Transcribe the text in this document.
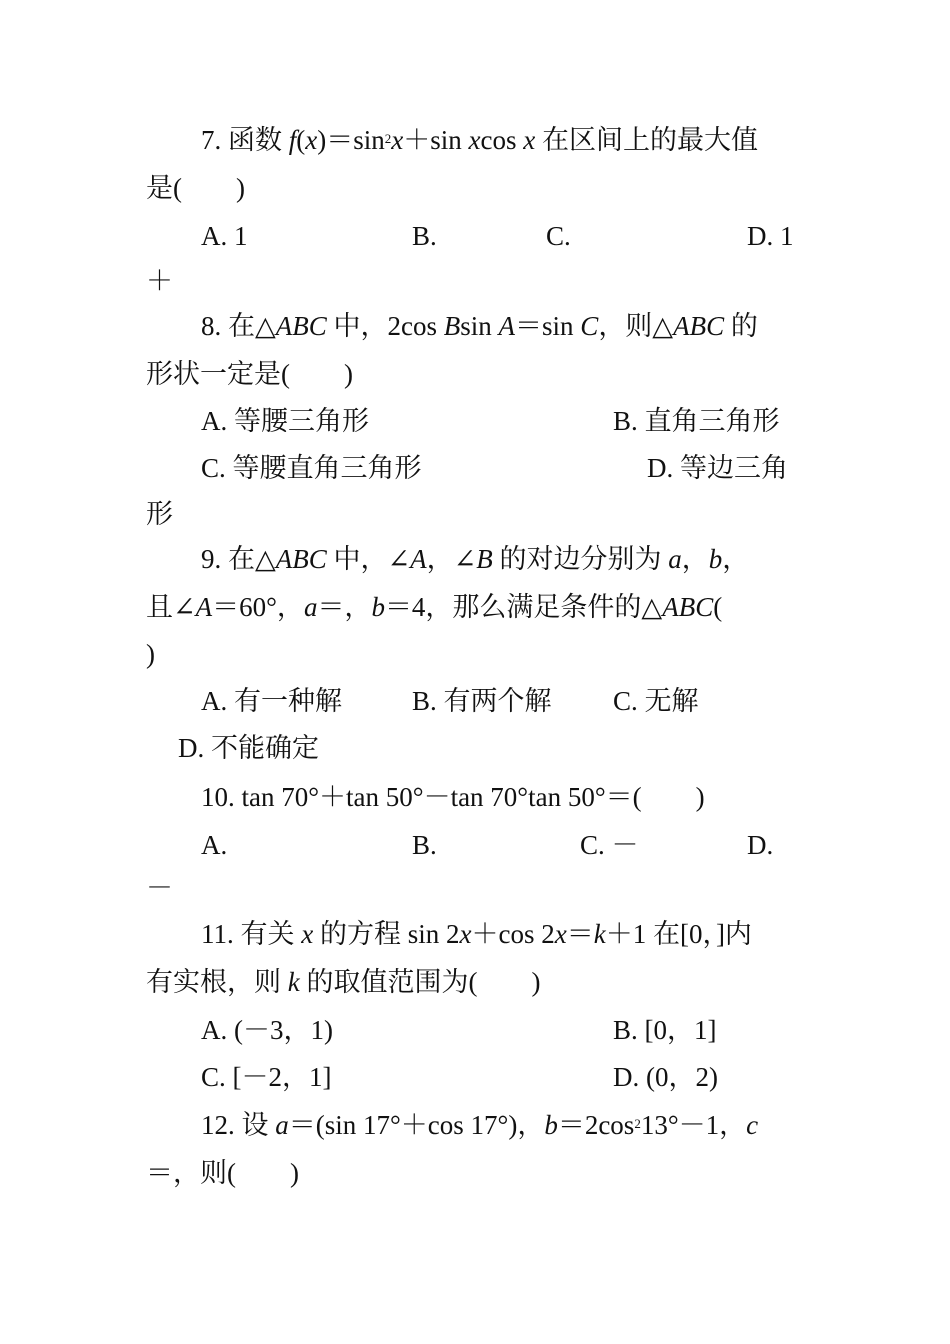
7. 函数 $f(x)=\sin^2x+\sin$ xcos x 在区间上的最大值
是(　　)
A. 1	B.	C.	D. 1
＋
8. 在△ABC 中，2cos Bsin A＝sin C，则△ABC 的
形状一定是(　　)
A. 等腰三角形	B. 直角三角形
C. 等腰直角三角形	D. 等边三角
形
9. 在△ABC 中，∠A，∠B 的对边分别为 a，b，
且∠A＝60°，a＝，b＝4，那么满足条件的△ABC(
)
A. 有一种解	B. 有两个解 C. 无解
D. 不能确定
10. tan 70°＋tan 50°－tan 70°tan 50°＝(　　)
A.	B.	C. －	D.
－
11. 有关 x 的方程 sin 2x＋cos 2x＝k＋1 在[0，]内
有实根，则 k 的取值范围为(　　)
A. (－3，1)	B. [0，1]
C. [－2，1]	D. (0，2)
12. 设 a＝(sin 17°＋cos 17°)，$b=2\cos^213^\circ-1$，c
＝，则(　　)
